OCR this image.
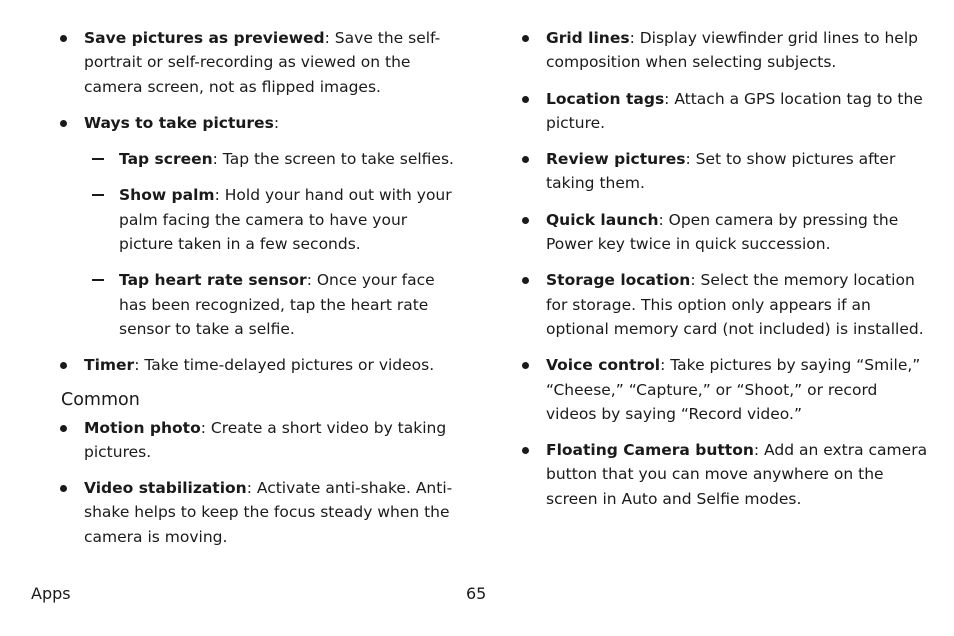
Save pictures as previewed: Save the self-portrait or self-recording as viewed on the camera screen, not as flipped images.
Ways to take pictures:
Tap screen: Tap the screen to take selfies.
Show palm: Hold your hand out with your palm facing the camera to have your picture taken in a few seconds.
Tap heart rate sensor: Once your face has been recognized, tap the heart rate sensor to take a selfie.
Timer: Take time-delayed pictures or videos.
Common
Motion photo: Create a short video by taking pictures.
Video stabilization: Activate anti-shake. Anti-shake helps to keep the focus steady when the camera is moving.
Grid lines: Display viewfinder grid lines to help composition when selecting subjects.
Location tags: Attach a GPS location tag to the picture.
Review pictures: Set to show pictures after taking them.
Quick launch: Open camera by pressing the Power key twice in quick succession.
Storage location: Select the memory location for storage. This option only appears if an optional memory card (not included) is installed.
Voice control: Take pictures by saying “Smile,” “Cheese,” “Capture,” or “Shoot,” or record videos by saying “Record video.”
Floating Camera button: Add an extra camera button that you can move anywhere on the screen in Auto and Selfie modes.
Apps	65
